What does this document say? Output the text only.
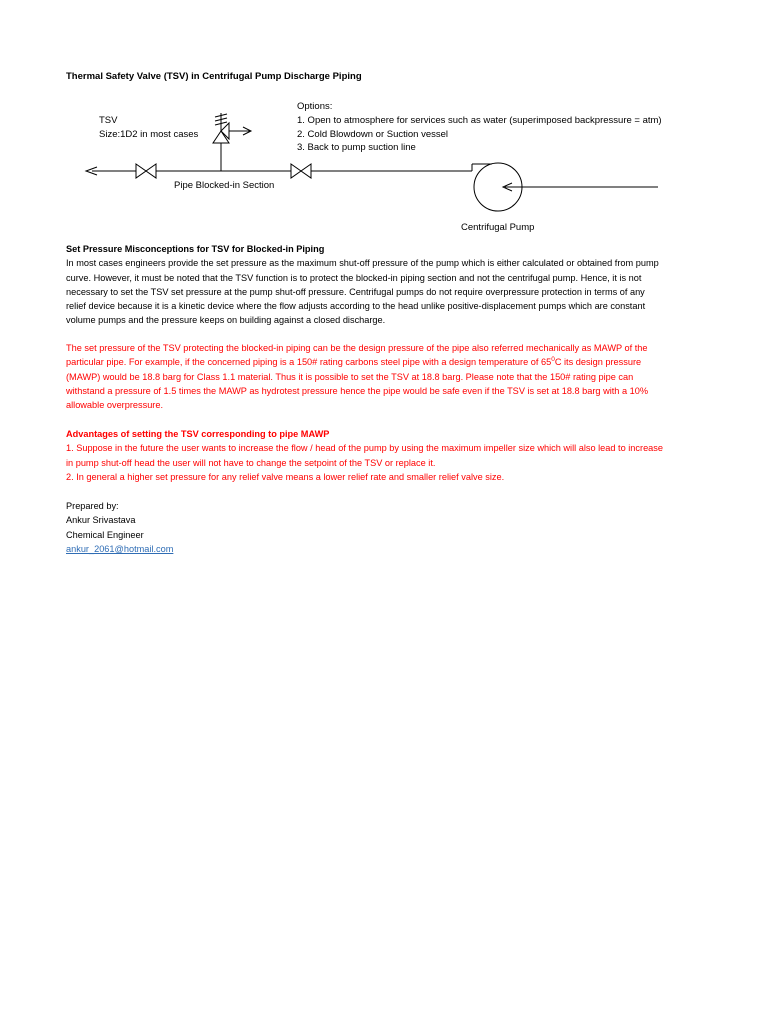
Thermal Safety Valve (TSV) in Centrifugal Pump Discharge Piping
TSV
Size:1D2 in most cases
Options:
1. Open to atmosphere for services such as water (superimposed backpressure = atm)
2. Cold Blowdown or Suction vessel
3. Back to pump suction line
Pipe Blocked-in Section
Centrifugal Pump

Set Pressure Misconceptions for TSV for Blocked-in Piping

In most cases engineers provide the set pressure as the maximum shut-off pressure of the pump which is either calculated or obtained from pump curve. However, it must be noted that the TSV function is to protect the blocked-in piping section and not the centrifugal pump. Hence, it is not necessary to set the TSV set pressure at the pump shut-off pressure. Centrifugal pumps do not require overpressure protection in terms of any relief device because it is a kinetic device where the flow adjusts according to the head unlike positive-displacement pumps which are constant volume pumps and the pressure keeps on building against a closed discharge.

The set pressure of the TSV protecting the blocked-in piping can be the design pressure of the pipe also referred mechanically as MAWP of the particular pipe. For example, if the concerned piping is a 150# rating carbons steel pipe with a design temperature of $65^0C$ its design pressure (MAWP) would be 18.8 barg for Class 1.1 material. Thus it is possible to set the TSV at 18.8 barg. Please note that the 150# rating pipe can withstand a pressure of 1.5 times the MAWP as hydrotest pressure hence the pipe would be safe even if the TSV is set at 18.8 barg with a 10% allowable overpressure.

Advantages of setting the TSV corresponding to pipe MAWP

1. Suppose in the future the user wants to increase the flow / head of the pump by using the maximum impeller size which will also lead to increase in pump shut-off head the user will not have to change the setpoint of the TSV or replace it.

2. In general a higher set pressure for any relief valve means a lower relief rate and smaller relief valve size.

Prepared by:

Ankur Srivastava

Chemical Engineer

ankur_2061@hotmail.com
